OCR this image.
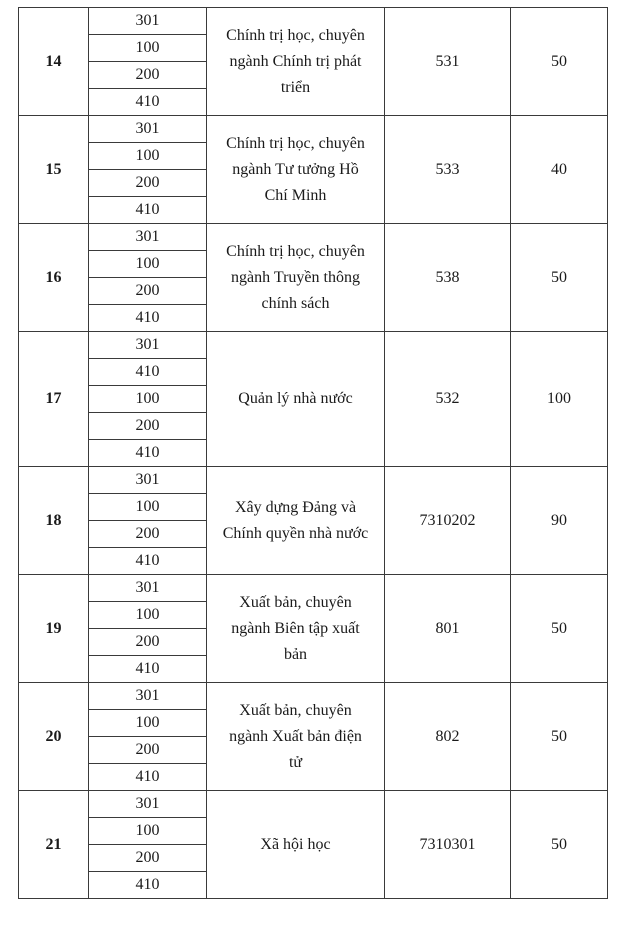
14	301	Chính trị học, chuyên
ngành Chính trị phát
triển	531	50
	100			
	200			
	410			
15	301	Chính trị học, chuyên
ngành Tư tưởng Hồ
Chí Minh	533	40
	100			
	200			
	410			
16	301	Chính trị học, chuyên
ngành Truyền thông
chính sách	538	50
	100			
	200			
	410			
17	301	Quản lý nhà nước	532	100
	410			
	100			
	200			
	410			
18	301	Xây dựng Đảng và
Chính quyền nhà nước	7310202	90
	100			
	200			
	410			
19	301	Xuất bản, chuyên
ngành Biên tập xuất
bản	801	50
	100			
	200			
	410			
20	301	Xuất bản, chuyên
ngành Xuất bản điện
tử	802	50
	100			
	200			
	410			
21	301	Xã hội học	7310301	50
	100			
	200			
	410			
